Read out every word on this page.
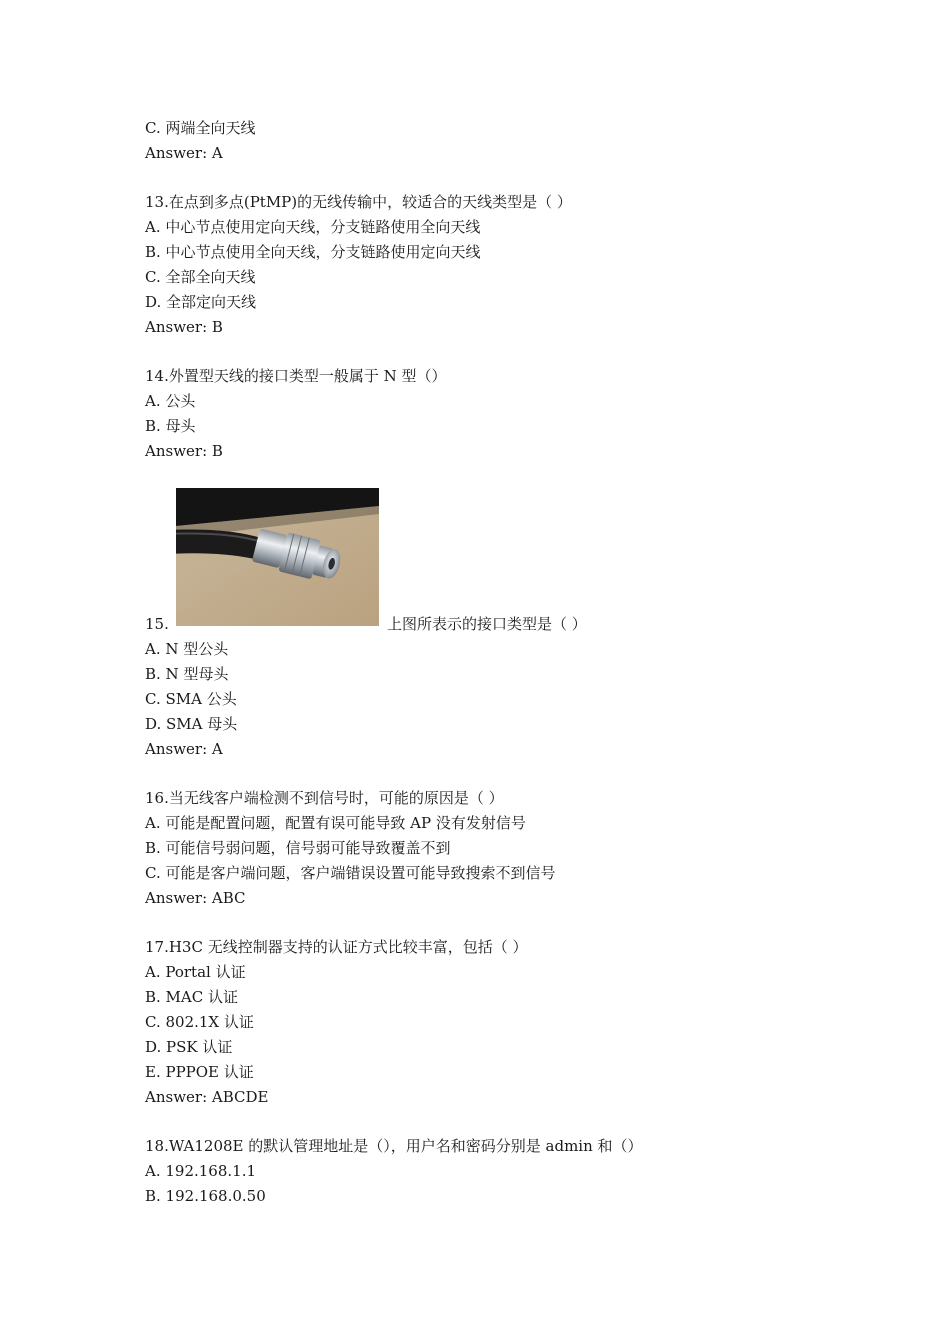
C. 两端全向天线
Answer: A
13.在点到多点(PtMP)的无线传输中，较适合的天线类型是（ ）
A. 中心节点使用定向天线，分支链路使用全向天线
B. 中心节点使用全向天线，分支链路使用定向天线
C. 全部全向天线
D. 全部定向天线
Answer: B
14.外置型天线的接口类型一般属于 N 型（）
A. 公头
B. 母头
Answer: B
15.	上图所表示的接口类型是（ ）
A. N 型公头
B. N 型母头
C. SMA 公头
D. SMA 母头
Answer: A
16.当无线客户端检测不到信号时，可能的原因是（ ）
A. 可能是配置问题，配置有误可能导致 AP 没有发射信号
B. 可能信号弱问题，信号弱可能导致覆盖不到
C. 可能是客户端问题，客户端错误设置可能导致搜索不到信号
Answer: ABC
17.H3C 无线控制器支持的认证方式比较丰富，包括（ ）
A. Portal 认证
B. MAC 认证
C. 802.1X 认证
D. PSK 认证
E. PPPOE 认证
Answer: ABCDE
18.WA1208E 的默认管理地址是（），用户名和密码分别是 admin 和（）
A. 192.168.1.1
B. 192.168.0.50
